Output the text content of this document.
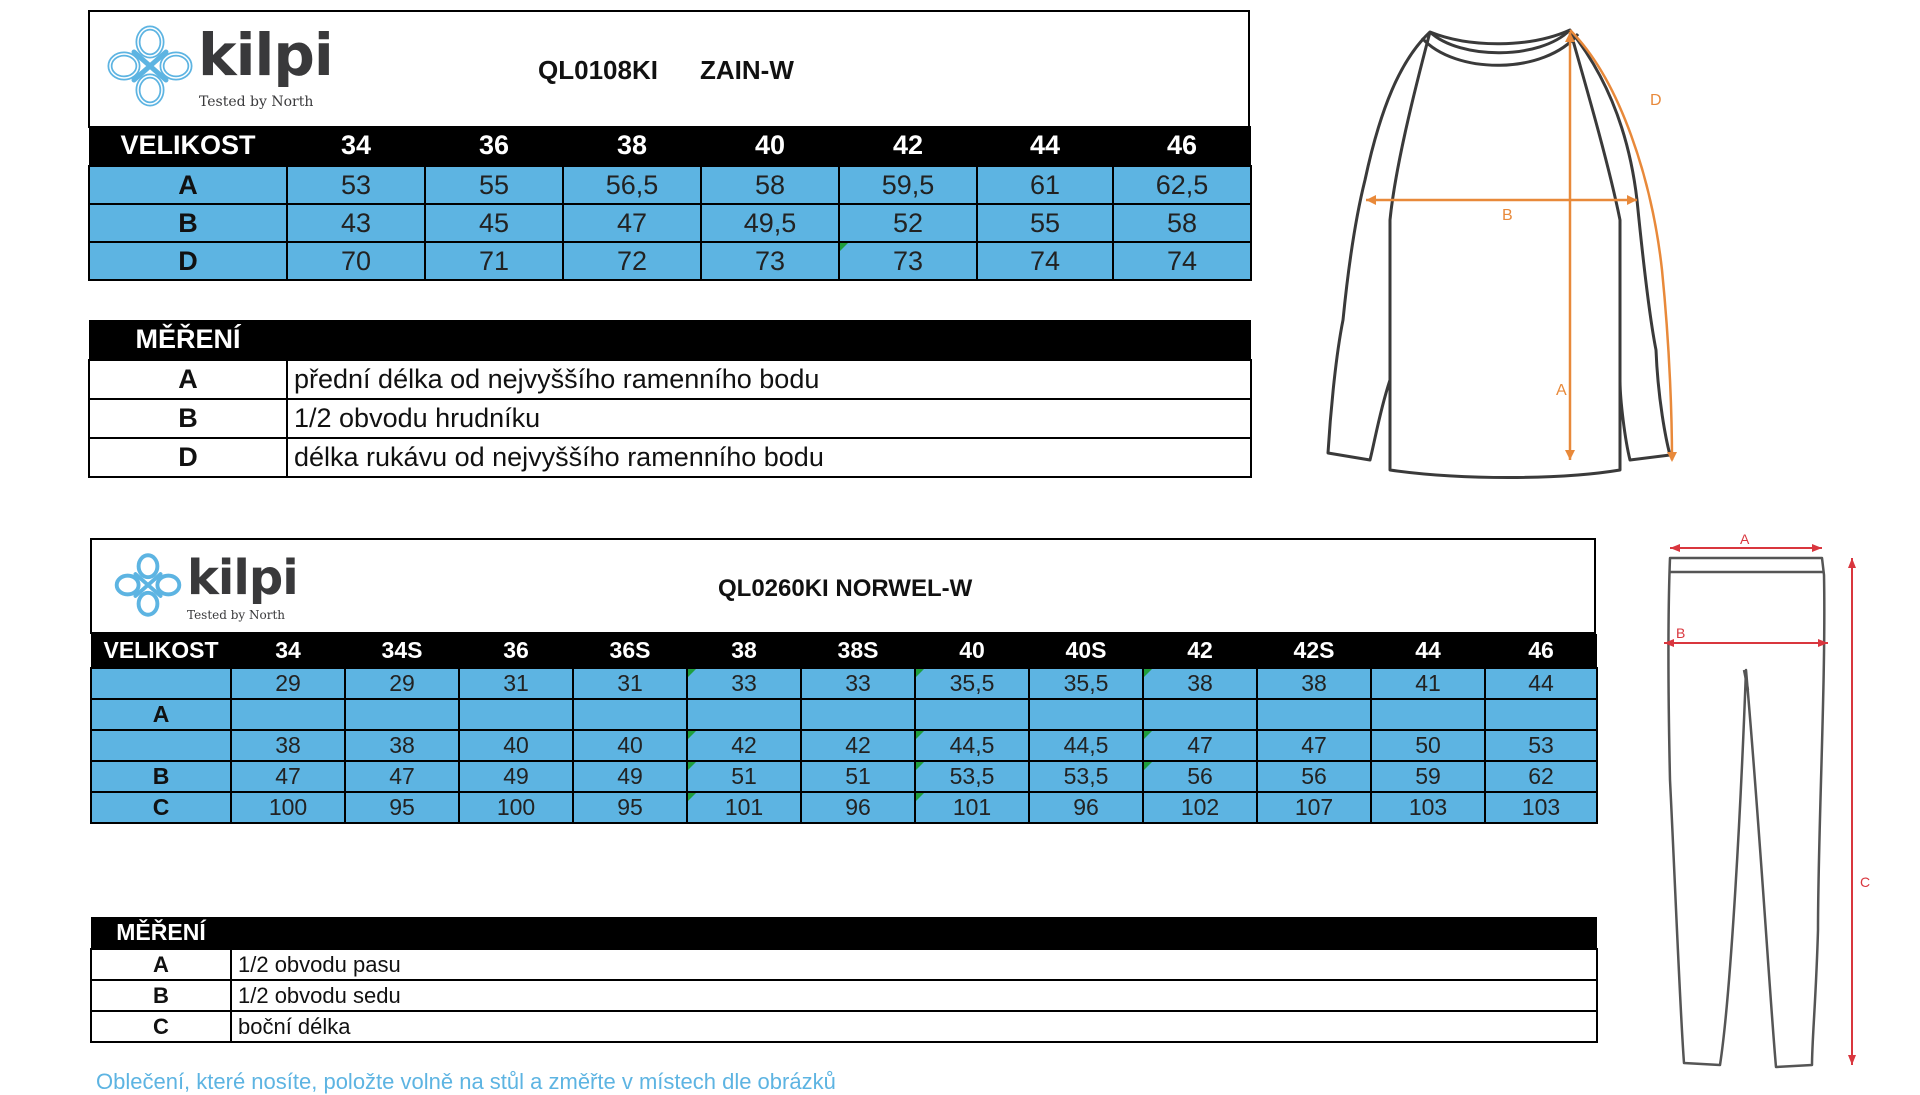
kilpi
Tested by North
QL0108KI ZAIN-W
VELIKOST	34	36	38	40	42	44	46
A	53	55	56,5	58	59,5	61	62,5
B	43	45	47	49,5	52	55	58
D	70	71	72	73	73	74	74
MĚŘENÍ	
A	přední délka od nejvyššího ramenního bodu
B	1/2 obvodu hrudníku
D	délka rukávu od nejvyššího ramenního bodu
A
B
D
kilpi
Tested by North
QL0260KI NORWEL-W
VELIKOST	34	34S	36	36S	38	38S	40	40S	42	42S	44	46
	29	29	31	31	33	33	35,5	35,5	38	38	41	44
A												
	38	38	40	40	42	42	44,5	44,5	47	47	50	53
B	47	47	49	49	51	51	53,5	53,5	56	56	59	62
C	100	95	100	95	101	96	101	96	102	107	103	103
MĚŘENÍ	
A	1/2 obvodu pasu
B	1/2 obvodu sedu
C	boční délka
A
B
C
Oblečení, které nosíte, položte volně na stůl a změřte v místech dle obrázků
